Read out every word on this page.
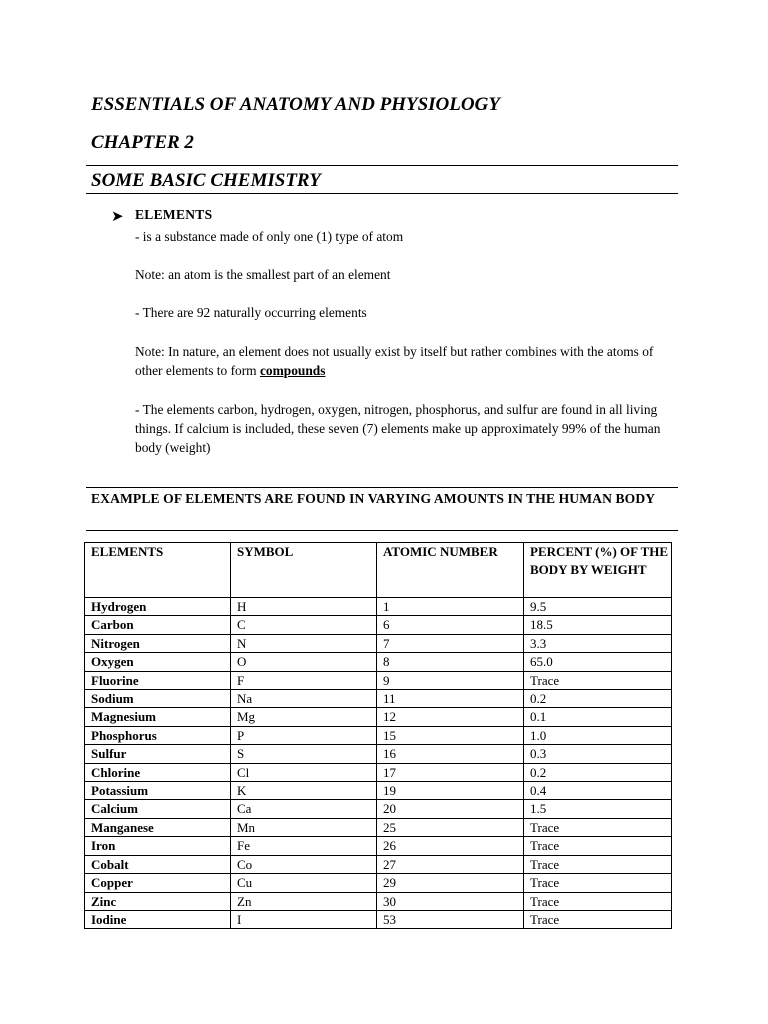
ESSENTIALS OF ANATOMY AND PHYSIOLOGY
CHAPTER 2
SOME BASIC CHEMISTRY
➤ ELEMENTS
- is a substance made of only one (1) type of atom
Note: an atom is the smallest part of an element
- There are 92 naturally occurring elements
Note: In nature, an element does not usually exist by itself but rather combines with the atoms of other elements to form compounds
- The elements carbon, hydrogen, oxygen, nitrogen, phosphorus, and sulfur are found in all living things. If calcium is included, these seven (7) elements make up approximately 99% of the human body (weight)
EXAMPLE OF ELEMENTS ARE FOUND IN VARYING AMOUNTS IN THE HUMAN BODY
ELEMENTS	SYMBOL	ATOMIC NUMBER	PERCENT (%) OF THE BODY BY WEIGHT
Hydrogen	H	1	9.5
Carbon	C	6	18.5
Nitrogen	N	7	3.3
Oxygen	O	8	65.0
Fluorine	F	9	Trace
Sodium	Na	11	0.2
Magnesium	Mg	12	0.1
Phosphorus	P	15	1.0
Sulfur	S	16	0.3
Chlorine	Cl	17	0.2
Potassium	K	19	0.4
Calcium	Ca	20	1.5
Manganese	Mn	25	Trace
Iron	Fe	26	Trace
Cobalt	Co	27	Trace
Copper	Cu	29	Trace
Zinc	Zn	30	Trace
Iodine	I	53	Trace
